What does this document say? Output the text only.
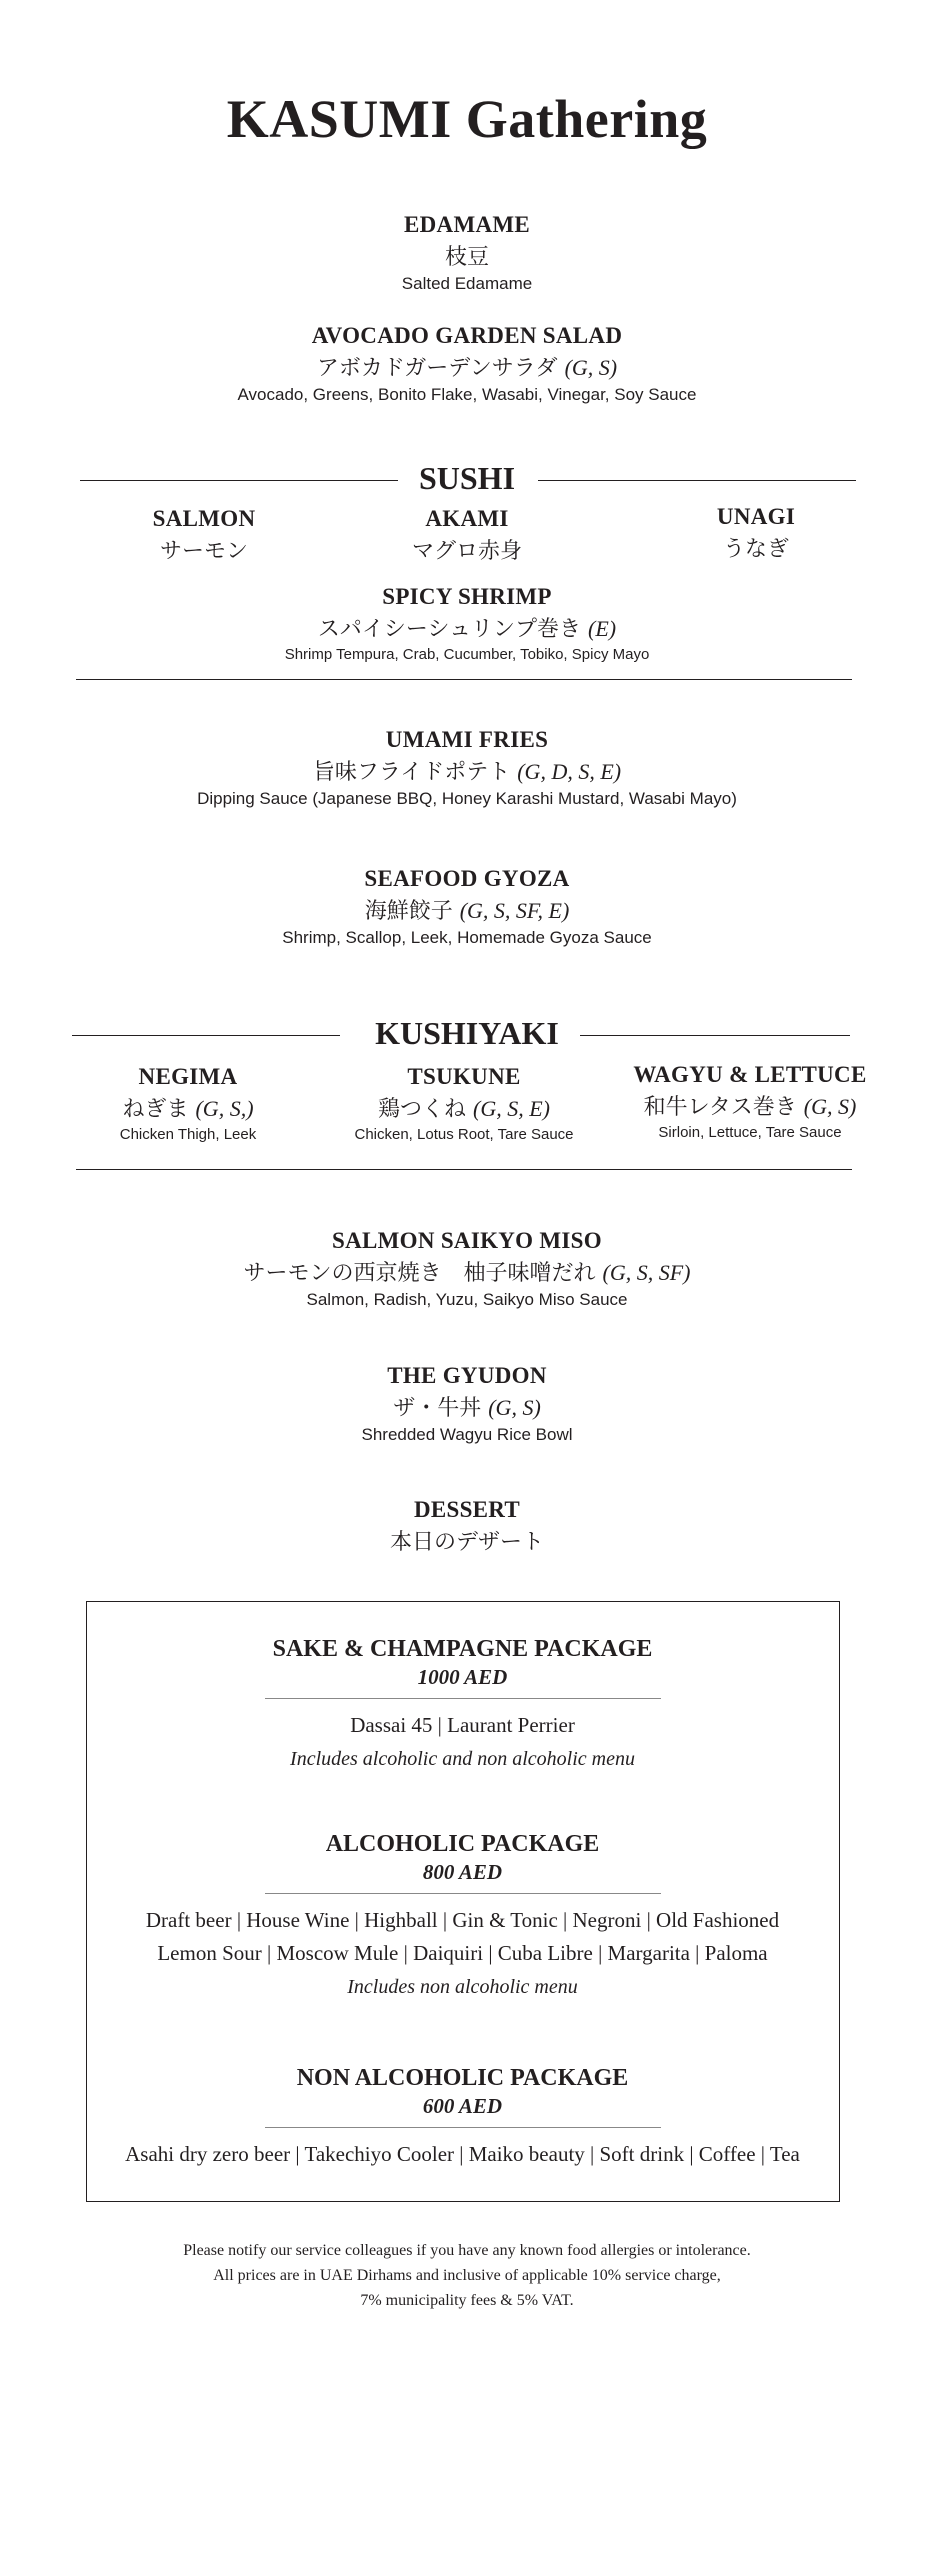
KASUMI Gathering
EDAMAME
枝豆
Salted Edamame
AVOCADO GARDEN SALAD
アボカドガーデンサラダ (G, S)
Avocado, Greens, Bonito Flake, Wasabi, Vinegar, Soy Sauce
SUSHI
SALMON
サーモン
AKAMI
マグロ赤身
UNAGI
うなぎ
SPICY SHRIMP
スパイシーシュリンプ巻き (E)
Shrimp Tempura, Crab, Cucumber, Tobiko, Spicy Mayo
UMAMI FRIES
旨味フライドポテト (G, D, S, E)
Dipping Sauce (Japanese BBQ, Honey Karashi Mustard, Wasabi Mayo)
SEAFOOD GYOZA
海鮮餃子 (G, S, SF, E)
Shrimp, Scallop, Leek, Homemade Gyoza Sauce
KUSHIYAKI
NEGIMA
ねぎま (G, S,)
Chicken Thigh, Leek
TSUKUNE
鶏つくね (G, S, E)
Chicken, Lotus Root, Tare Sauce
WAGYU & LETTUCE
和牛レタス巻き (G, S)
Sirloin, Lettuce, Tare Sauce
SALMON SAIKYO MISO
サーモンの西京焼き　柚子味噌だれ (G, S, SF)
Salmon, Radish, Yuzu, Saikyo Miso Sauce
THE GYUDON
ザ・牛丼 (G, S)
Shredded Wagyu Rice Bowl
DESSERT
本日のデザート
SAKE & CHAMPAGNE PACKAGE
1000 AED
Dassai 45 | Laurant Perrier
Includes alcoholic and non alcoholic menu
ALCOHOLIC PACKAGE
800 AED
Draft beer | House Wine | Highball | Gin & Tonic | Negroni | Old Fashioned
Lemon Sour | Moscow Mule | Daiquiri | Cuba Libre | Margarita | Paloma
Includes non alcoholic menu
NON ALCOHOLIC PACKAGE
600 AED
Asahi dry zero beer | Takechiyo Cooler | Maiko beauty | Soft drink | Coffee | Tea
Please notify our service colleagues if you have any known food allergies or intolerance.
All prices are in UAE Dirhams and inclusive of applicable 10% service charge,
7% municipality fees & 5% VAT.
